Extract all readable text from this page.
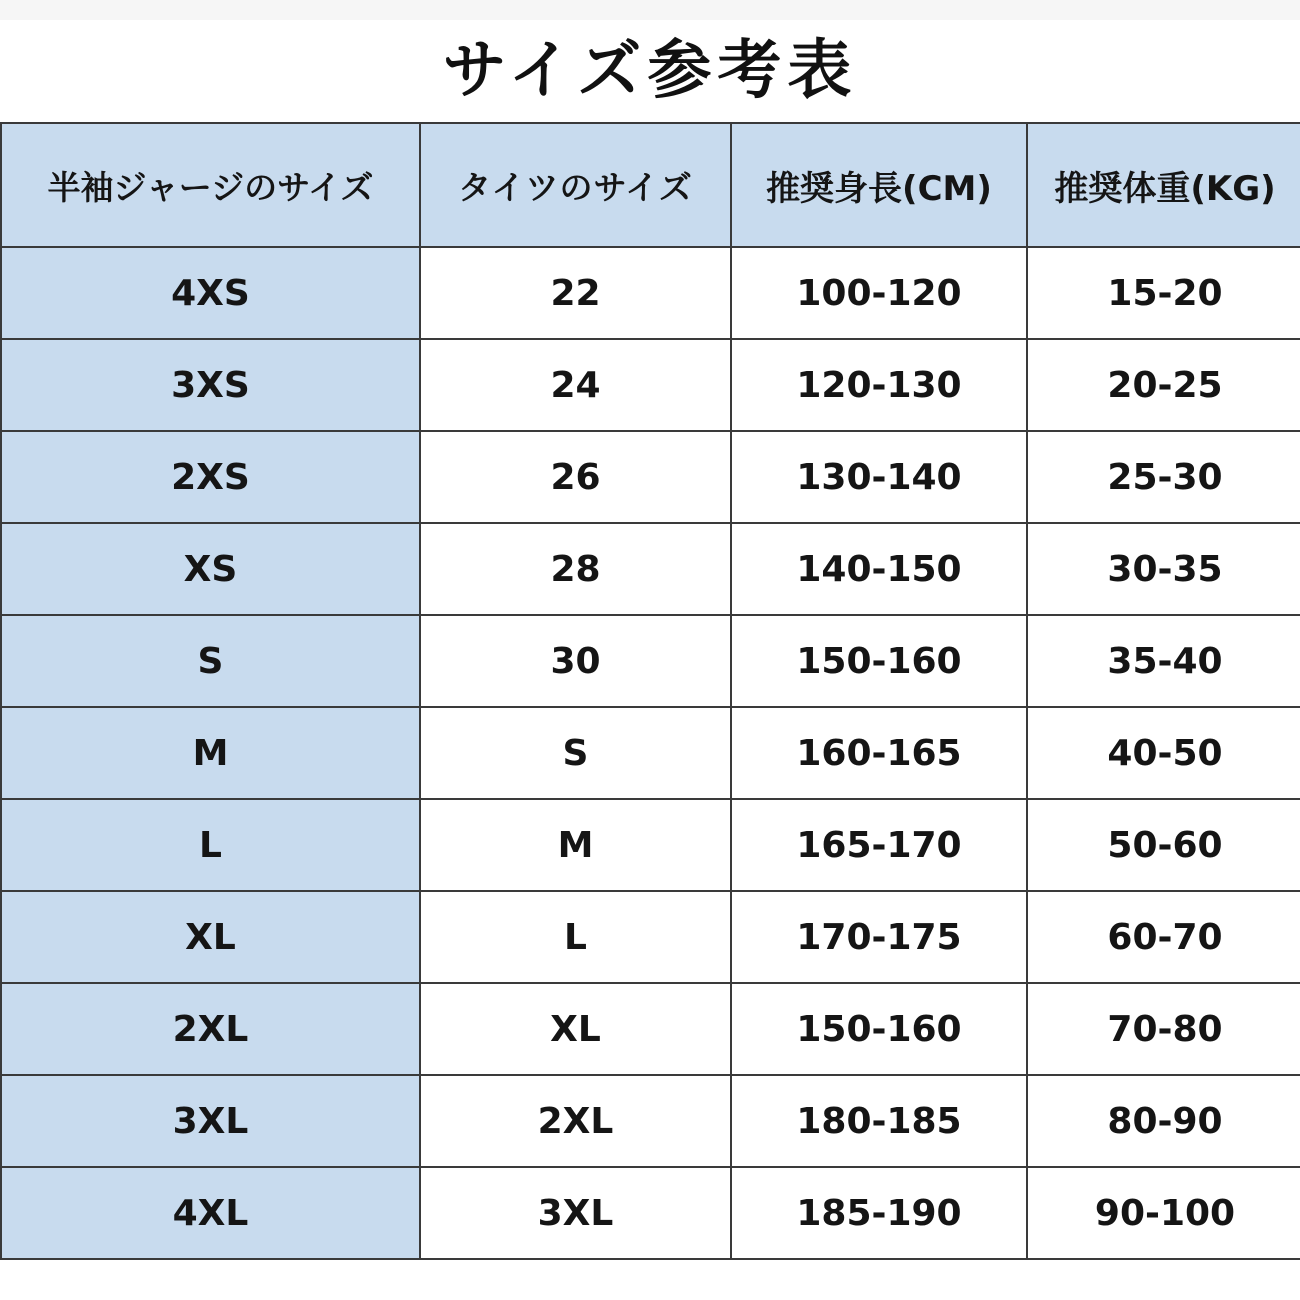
サイズ参考表
半袖ジャージのサイズ	タイツのサイズ	推奨身長(CM)	推奨体重(KG)
4XS	22	100-120	15-20
3XS	24	120-130	20-25
2XS	26	130-140	25-30
XS	28	140-150	30-35
S	30	150-160	35-40
M	S	160-165	40-50
L	M	165-170	50-60
XL	L	170-175	60-70
2XL	XL	150-160	70-80
3XL	2XL	180-185	80-90
4XL	3XL	185-190	90-100
